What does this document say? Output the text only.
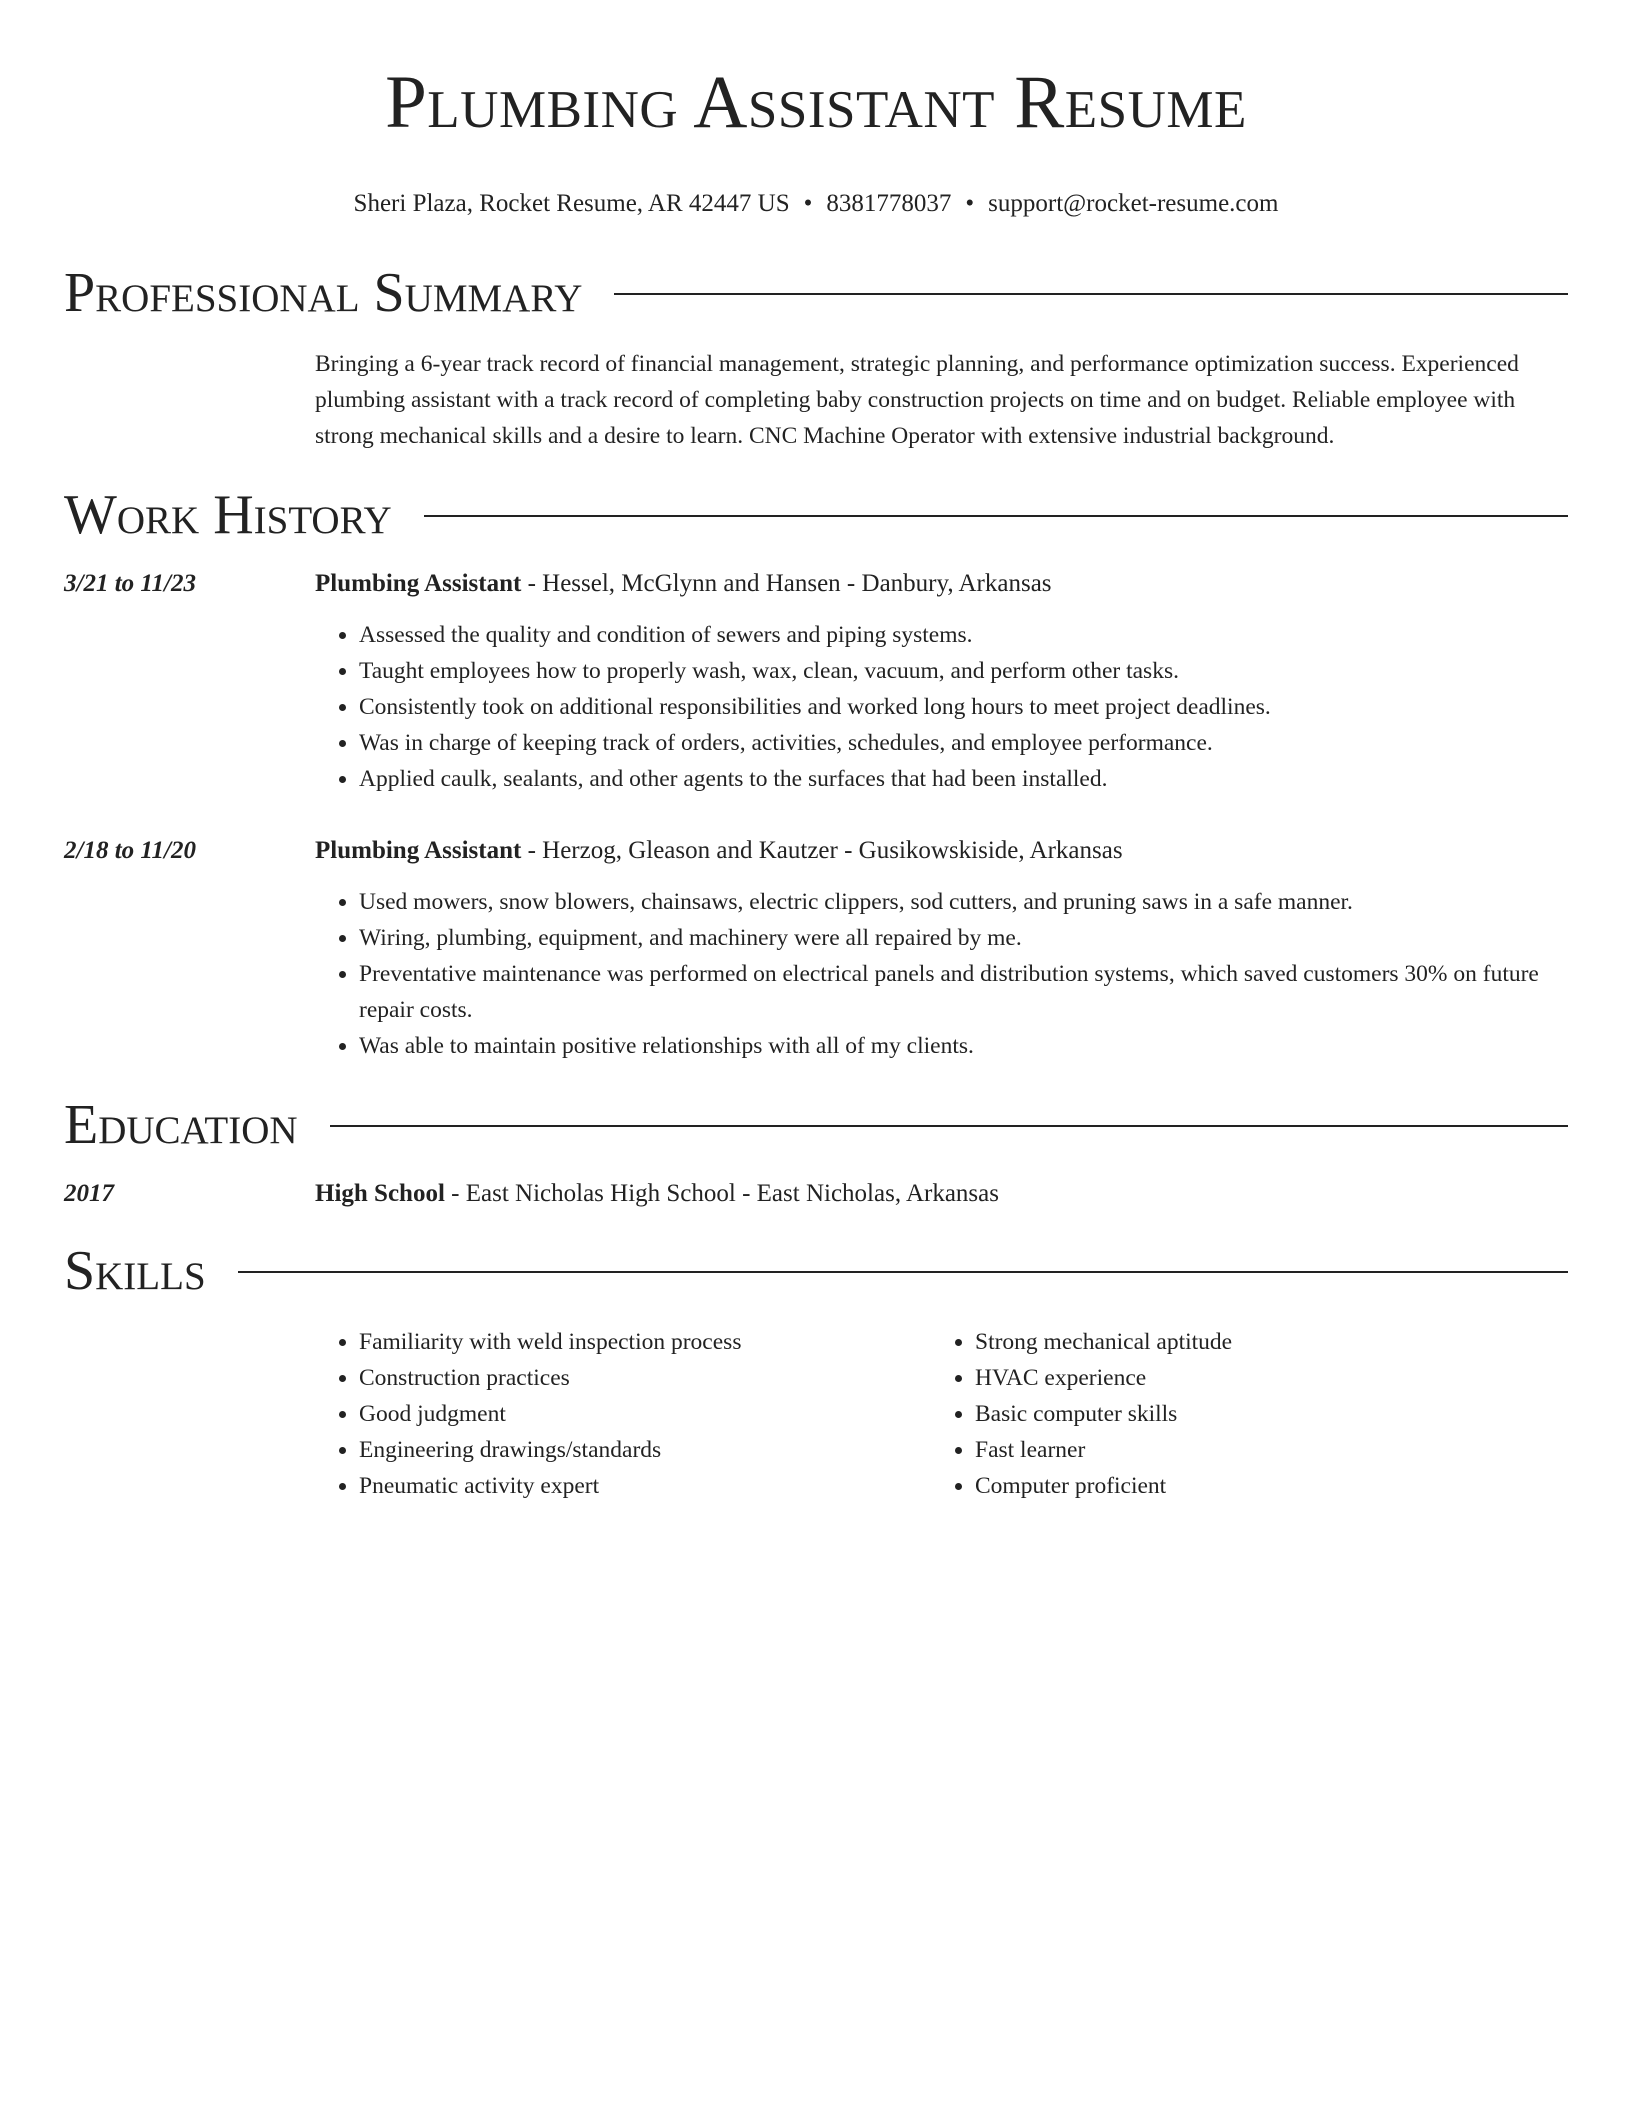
Plumbing Assistant Resume
Sheri Plaza, Rocket Resume, AR 42447 US • 8381778037 • support@rocket-resume.com
Professional Summary
Bringing a 6-year track record of financial management, strategic planning, and performance optimization success. Experienced plumbing assistant with a track record of completing baby construction projects on time and on budget. Reliable employee with strong mechanical skills and a desire to learn. CNC Machine Operator with extensive industrial background.
Work History
3/21 to 11/23	Plumbing Assistant - Hessel, McGlynn and Hansen - Danbury, Arkansas
• Assessed the quality and condition of sewers and piping systems.
• Taught employees how to properly wash, wax, clean, vacuum, and perform other tasks.
• Consistently took on additional responsibilities and worked long hours to meet project deadlines.
• Was in charge of keeping track of orders, activities, schedules, and employee performance.
• Applied caulk, sealants, and other agents to the surfaces that had been installed.
2/18 to 11/20	Plumbing Assistant - Herzog, Gleason and Kautzer - Gusikowskiside, Arkansas
• Used mowers, snow blowers, chainsaws, electric clippers, sod cutters, and pruning saws in a safe manner.
• Wiring, plumbing, equipment, and machinery were all repaired by me.
• Preventative maintenance was performed on electrical panels and distribution systems, which saved customers 30% on future repair costs.
• Was able to maintain positive relationships with all of my clients.
Education
2017	High School - East Nicholas High School - East Nicholas, Arkansas
Skills
• Familiarity with weld inspection process
• Construction practices
• Good judgment
• Engineering drawings/standards
• Pneumatic activity expert
• Strong mechanical aptitude
• HVAC experience
• Basic computer skills
• Fast learner
• Computer proficient
